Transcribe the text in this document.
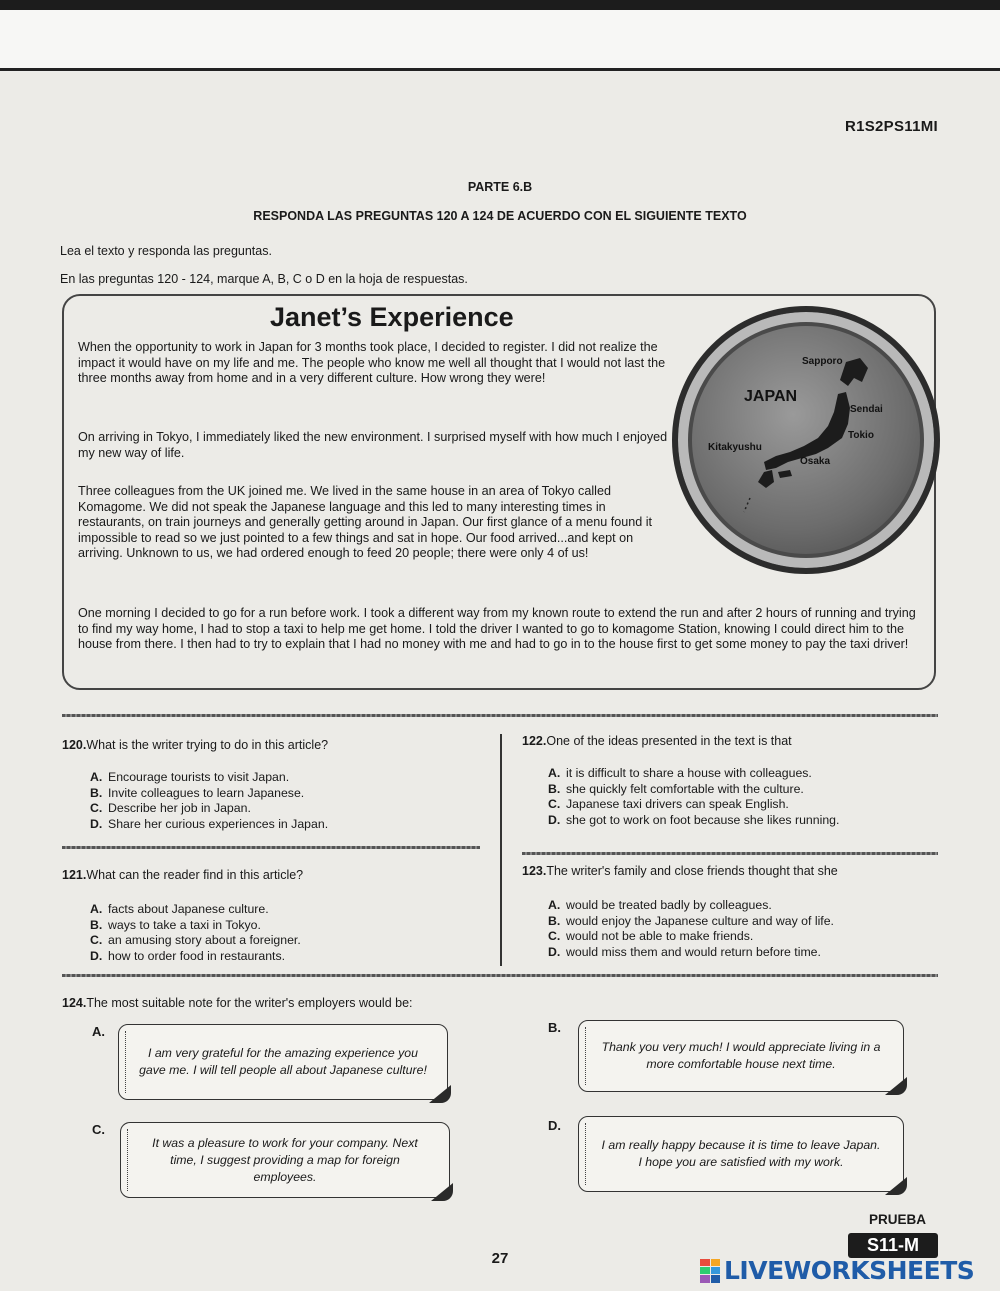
R1S2PS11MI
PARTE 6.B
RESPONDA LAS PREGUNTAS 120 A 124 DE ACUERDO CON EL SIGUIENTE TEXTO
Lea el texto y responda las preguntas.
En las preguntas 120 - 124, marque A, B, C o D en la hoja de respuestas.
Janet’s Experience
When the opportunity to work in Japan for 3 months took place, I decided to register. I did not realize the impact it would have on my life and me. The people who know me well all thought that I would not last the three months away from home and in a very different culture. How wrong they were!
On arriving in Tokyo, I immediately liked the new environment. I surprised myself with how much I enjoyed my new way of life.
Three colleagues from the UK joined me. We lived in the same house in an area of Tokyo called Komagome. We did not speak the Japanese language and this led to many interesting times in restaurants, on train journeys and generally getting around in Japan. Our first glance of a menu found it impossible to read so we just pointed to a few things and sat in hope. Our food arrived...and kept on arriving. Unknown to us, we had ordered enough to feed 20 people; there were only 4 of us!
One morning I decided to go for a run before work. I took a different way from my known route to extend the run and after 2 hours of running and trying to find my way home, I had to stop a taxi to help me get home. I told the driver I wanted to go to komagome Station, knowing I could direct him to the house from there. I then had to try to explain that I had no money with me and had to go in to the house first to get some money to pay the taxi driver!
JAPAN
Sapporo
Sendai
Tokio
Kitakyushu
Osaka
120.What is the writer trying to do in this article?
A. Encourage tourists to visit Japan.
B. Invite colleagues to learn Japanese.
C. Describe her job in Japan.
D. Share her curious experiences in Japan.
122.One of the ideas presented in the text is that
A. it is difficult to share a house with colleagues.
B. she quickly felt comfortable with the culture.
C. Japanese taxi drivers can speak English.
D. she got to work on foot because she likes running.
121.What can the reader find in this article?
A. facts about Japanese culture.
B. ways to take a taxi in Tokyo.
C. an amusing story about a foreigner.
D. how to order food in restaurants.
123.The writer's family and close friends thought that she
A. would be treated badly by colleagues.
B. would enjoy the Japanese culture and way of life.
C. would not be able to make friends.
D. would miss them and would return before time.
124.The most suitable note for the writer's employers would be:
A.
I am very grateful for the amazing experience you gave me. I will tell people all about Japanese culture!
B.
Thank you very much! I would appreciate living in a more comfortable house next time.
C.
It was a pleasure to work for your company. Next time, I suggest providing a map for foreign employees.
D.
I am really happy because it is time to leave Japan. I hope you are satisfied with my work.
PRUEBA
S11-M
27	LIVEWORKSHEETS
